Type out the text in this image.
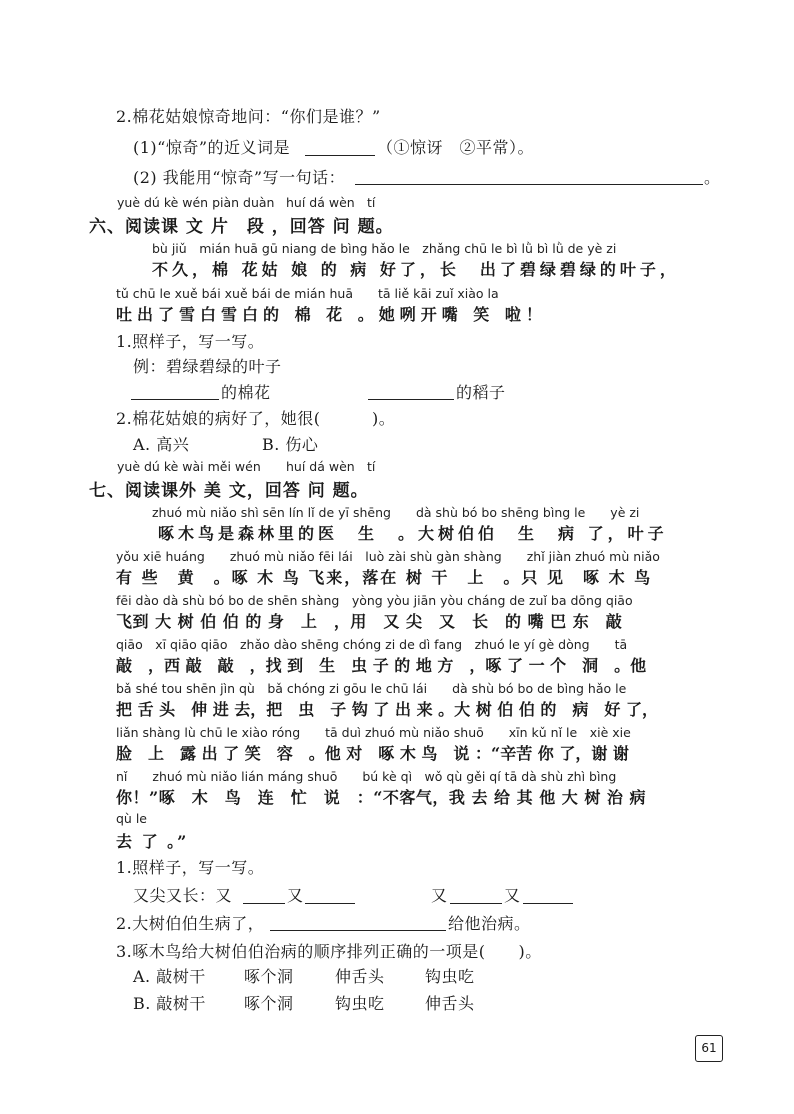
2.棉花姑娘惊奇地问：“你们是谁？”
(1)“惊奇”的近义词是	（①惊讶　②平常）。
(2) 我能用“惊奇”写一句话：	。
yuè dú kè wén piàn duàn huí dá wèn tí
六、阅读课 文 片　段 ，回答 问 题。
bù jiǔ　mián huā gū niang de bìng hǎo le　zhǎng chū le bì lǜ bì lǜ de yè zi
不久，棉 花姑 娘 的 病 好了，长　出了碧绿碧绿的叶子，
tǔ chū le xuě bái xuě bái de mián huā　　tā liě kāi zuǐ xiào la
吐出了雪白雪白的 棉 花 。她咧开嘴 笑 啦！
1.照样子，写一写。
例：碧绿碧绿的叶子
的棉花	的稻子
2.棉花姑娘的病好了，她很(	)。
A. 高兴	B. 伤心
yuè dú kè wài měi wén huí dá wèn tí
七、阅读课外 美 文，回答 问 题。
zhuó mù niǎo shì sēn lín lǐ de yī shēng　　dà shù bó bo shēng bìng le　　yè zi
啄木鸟是森林里的医　生　。大树伯伯　生　病 了，叶子
yǒu xiē huáng　　zhuó mù niǎo fēi lái　luò zài shù gàn shàng　　zhǐ jiàn zhuó mù niǎo
有 些　黄　。啄 木 鸟 飞来，落在 树 干　上　。只 见　啄 木 鸟
fēi dào dà shù bó bo de shēn shàng　yòng yòu jiān yòu cháng de zuǐ ba dōng qiāo
飞到 大 树 伯 伯 的 身　上　，用　又 尖　又　长　的 嘴 巴 东　敲
qiāo　xī qiāo qiāo　zhǎo dào shēng chóng zi de dì fang　zhuó le yí gè dòng　　tā
敲　，西 敲　敲　，找 到　生　虫 子 的 地 方　，啄 了 一 个　洞　。他
bǎ shé tou shēn jìn qù　bǎ chóng zi gōu le chū lái　　dà shù bó bo de bìng hǎo le
把 舌 头　伸 进 去，把　虫　子 钩 了 出 来 。大 树 伯 伯 的　病　好 了，
liǎn shàng lù chū le xiào róng　　tā duì zhuó mù niǎo shuō　　xīn kǔ nǐ le　xiè xie
脸　上　露 出 了 笑　容　。他 对　啄 木 鸟　说 ：“辛苦 你 了，谢 谢
nǐ　　zhuó mù niǎo lián máng shuō　　bú kè qì　wǒ qù gěi qí tā dà shù zhì bìng
你！”啄　木　鸟　连　忙　说　：“不客气，我 去 给 其 他 大 树 治 病
qù le
去 了 。”
1.照样子，写一写。
又尖又长：又	又	又	又
2.大树伯伯生病了，	给他治病。
3.啄木鸟给大树伯伯治病的顺序排列正确的一项是(　　)。
A. 敲树干 啄个洞	伸舌头	钩虫吃
B. 敲树干 啄个洞	钩虫吃	伸舌头
61
